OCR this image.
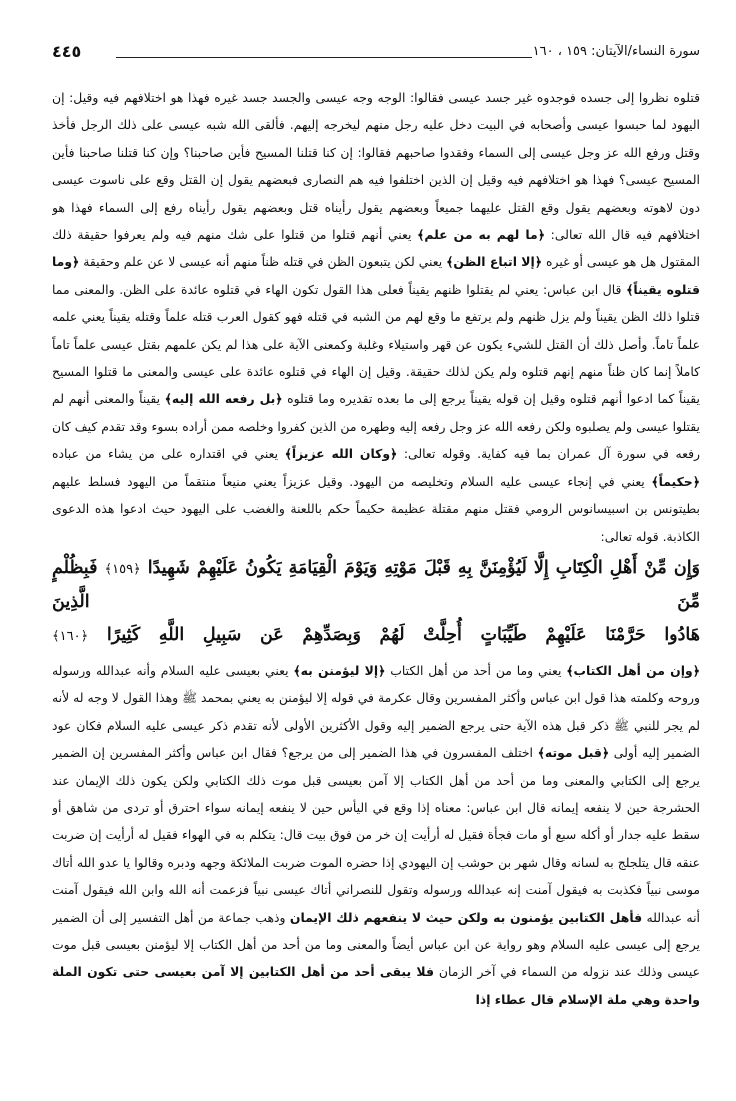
سورة النساء/الآيتان: ١٥٩ ، ١٦٠
٤٤٥

قتلوه نظروا إلى جسده فوجدوه غير جسد عيسى فقالوا: الوجه وجه عيسى والجسد جسد غيره فهذا هو اختلافهم فيه وقيل: إن اليهود لما حبسوا عيسى وأصحابه في البيت دخل عليه رجل منهم ليخرجه إليهم. فألقى الله شبه عيسى على ذلك الرجل فأخذ وقتل ورفع الله عز وجل عيسى إلى السماء وفقدوا صاحبهم فقالوا: إن كنا قتلنا المسيح فأين صاحبنا؟ وإن كنا قتلنا صاحبنا فأين المسيح عيسى؟ فهذا هو اختلافهم فيه وقيل إن الذين اختلفوا فيه هم النصارى فبعضهم يقول إن القتل وقع على ناسوت عيسى دون لاهوته وبعضهم يقول وقع القتل عليهما جميعاً وبعضهم يقول رأيناه قتل وبعضهم يقول رأيناه رفع إلى السماء فهذا هو اختلافهم فيه قال الله تعالى: ﴿ما لهم به من علم﴾ يعني أنهم قتلوا من قتلوا على شك منهم فيه ولم يعرفوا حقيقة ذلك المقتول هل هو عيسى أو غيره ﴿إلا اتباع الظن﴾ يعني لكن يتبعون الظن في قتله ظناً منهم أنه عيسى لا عن علم وحقيقة ﴿وما قتلوه يقيناً﴾ قال ابن عباس: يعني لم يقتلوا ظنهم يقيناً فعلى هذا القول تكون الهاء في قتلوه عائدة على الظن. والمعنى مما قتلوا ذلك الظن يقيناً ولم يزل ظنهم ولم يرتفع ما وقع لهم من الشبه في قتله فهو كقول العرب قتله علماً وقتله يقيناً يعني علمه علماً تاماً. وأصل ذلك أن القتل للشيء يكون عن قهر واستيلاء وغلبة وكمعنى الآية على هذا لم يكن علمهم بقتل عيسى علماً تاماً كاملاً إنما كان ظناً منهم إنهم قتلوه ولم يكن لذلك حقيقة. وقيل إن الهاء في قتلوه عائدة على عيسى والمعنى ما قتلوا المسيح يقيناً كما ادعوا أنهم قتلوه وقيل إن قوله يقيناً يرجع إلى ما بعده تقديره وما قتلوه ﴿بل رفعه الله إليه﴾ يقيناً والمعنى أنهم لم يقتلوا عيسى ولم يصلبوه ولكن رفعه الله عز وجل رفعه إليه وطهره من الذين كفروا وخلصه ممن أراده بسوء وقد تقدم كيف كان رفعه في سورة آل عمران بما فيه كفاية. وقوله تعالى: ﴿وكان الله عزيزاً﴾ يعني في اقتداره على من يشاء من عباده ﴿حكيماً﴾ يعني في إنجاء عيسى عليه السلام وتخليصه من اليهود. وقيل عزيزاً يعني منيعاً منتقماً من اليهود فسلط عليهم بطيتونس بن اسبيسانوس الرومي فقتل منهم مقتلة عظيمة حكيماً حكم باللعنة والغضب على اليهود حيث ادعوا هذه الدعوى الكاذبة. قوله تعالى:

وَإِن مِّنْ أَهْلِ الْكِتَابِ إِلَّا لَيُؤْمِنَنَّ بِهِ قَبْلَ مَوْتِهِ وَيَوْمَ الْقِيَامَةِ يَكُونُ عَلَيْهِمْ شَهِيدًا ﴿١٥٩﴾ فَبِظُلْمٍ مِّنَ الَّذِينَ
هَادُوا حَرَّمْنَا عَلَيْهِمْ طَيِّبَاتٍ أُحِلَّتْ لَهُمْ وَبِصَدِّهِمْ عَن سَبِيلِ اللَّهِ كَثِيرًا ﴿١٦٠﴾

﴿وإن من أهل الكتاب﴾ يعني وما من أحد من أهل الكتاب ﴿إلا ليؤمنن به﴾ يعني بعيسى عليه السلام وأنه عبدالله ورسوله وروحه وكلمته هذا قول ابن عباس وأكثر المفسرين وقال عكرمة في قوله إلا ليؤمنن به يعني بمحمد ﷺ وهذا القول لا وجه له لأنه لم يجر للنبي ﷺ ذكر قبل هذه الآية حتى يرجع الضمير إليه وقول الأكثرين الأولى لأنه تقدم ذكر عيسى عليه السلام فكان عود الضمير إليه أولى ﴿قبل موته﴾ اختلف المفسرون في هذا الضمير إلى من يرجع؟ فقال ابن عباس وأكثر المفسرين إن الضمير يرجع إلى الكتابي والمعنى وما من أحد من أهل الكتاب إلا آمن بعيسى قبل موت ذلك الكتابي ولكن يكون ذلك الإيمان عند الحشرجة حين لا ينفعه إيمانه قال ابن عباس: معناه إذا وقع في اليأس حين لا ينفعه إيمانه سواء احترق أو تردى من شاهق أو سقط عليه جدار أو أكله سبع أو مات فجأة فقيل له أرأيت إن خر من فوق بيت قال: يتكلم به في الهواء فقيل له أرأيت إن ضربت عنقه قال يتلجلج به لسانه وقال شهر بن حوشب إن اليهودي إذا حضره الموت ضربت الملائكة وجهه ودبره وقالوا يا عدو الله أتاك موسى نبياً فكذبت به فيقول آمنت إنه عبدالله ورسوله وتقول للنصراني أتاك عيسى نبياً فزعمت أنه الله وابن الله فيقول آمنت أنه عبدالله فأهل الكتابين يؤمنون به ولكن حيث لا ينفعهم ذلك الإيمان وذهب جماعة من أهل التفسير إلى أن الضمير يرجع إلى عيسى عليه السلام وهو رواية عن ابن عباس أيضاً والمعنى وما من أحد من أهل الكتاب إلا ليؤمنن بعيسى قبل موت عيسى وذلك عند نزوله من السماء في آخر الزمان فلا يبقى أحد من أهل الكتابين إلا آمن بعيسى حتى تكون الملة واحدة وهي ملة الإسلام قال عطاء إذا
